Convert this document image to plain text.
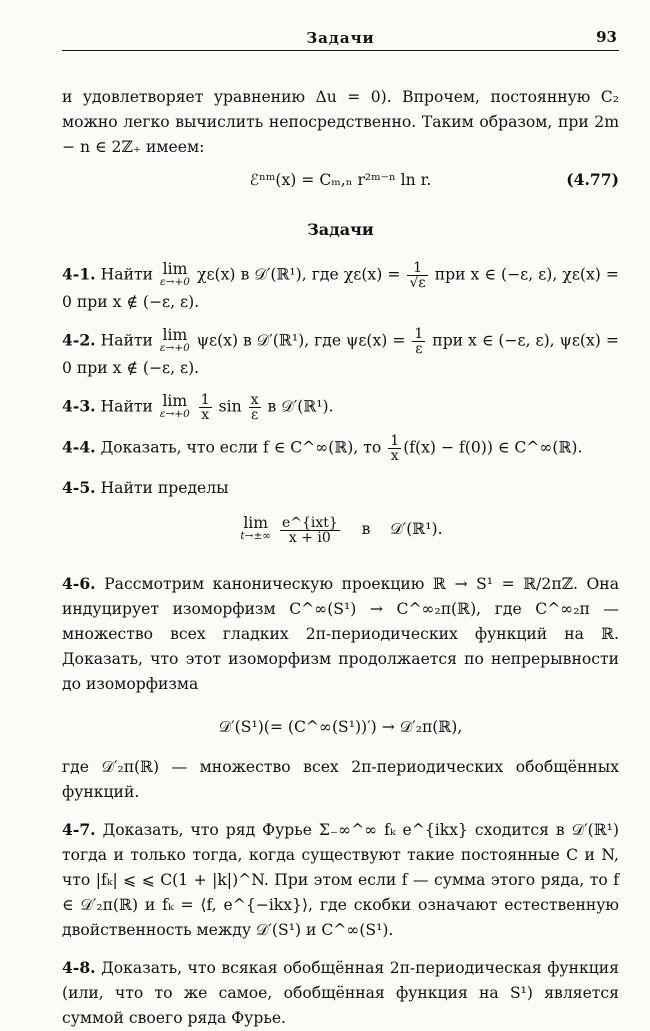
Задачи	93

и удовлетворяет уравнению Δu = 0). Впрочем, постоянную C₂ можно легко вычислить непосредственно. Таким образом, при 2m − n ∈ 2ℤ₊ имеем:

ℰⁿᵐ(x) = Cₘ,ₙ r²ᵐ⁻ⁿ ln r.	(4.77)
Задачи

4-1. Найти lim
ε→+0 χε(x) в 𝒟′(ℝ¹), где $\chi\varepsilon(x) = \frac{1}{√\varepsilon}$ при x ∈ (−ε, ε), χε(x) = 0 при x ∉ (−ε, ε).

4-2. Найти lim
ε→+0 ψε(x) в 𝒟′(ℝ¹), где $\psi\varepsilon(x) = \frac{1}{\varepsilon}$ при x ∈ (−ε, ε), ψε(x) = 0 при x ∉ (−ε, ε).

4-3. Найти lim
ε→+0
$\frac{1}{x}$ $\sin \frac{x}{\varepsilon}$ в 𝒟′(ℝ¹).

4-4. Доказать, что если f ∈ C^∞(ℝ), то $\frac{1}{x} (f(x) - f(0))$ ∈ C^∞(ℝ).

4-5. Найти пределы

lim
t→±∞
$\frac{\text{e\textasciicircum{}\{ixt\}}}{x + i0}$ в 𝒟′(ℝ¹).

4-6. Рассмотрим каноническую проекцию ℝ → S¹ = ℝ/2πℤ. Она индуцирует изоморфизм C^∞(S¹) → C^∞₂π(ℝ), где C^∞₂π — множество всех гладких 2π-периодических функций на ℝ. Доказать, что этот изоморфизм продолжается по непрерывности до изоморфизма

𝒟′(S¹)(= (C^∞(S¹))′) → 𝒟′₂π(ℝ),

где 𝒟′₂π(ℝ) — множество всех 2π-периодических обобщённых функций.

4-7. Доказать, что ряд Фурье Σ₋∞^∞ fₖ e^{ikx} сходится в 𝒟′(ℝ¹) тогда и только тогда, когда существуют такие постоянные C и N, что |fₖ| ⩽ ⩽ C(1 + |k|)^N. При этом если f — сумма этого ряда, то f ∈ 𝒟′₂π(ℝ) и fₖ = ⟨f, e^{−ikx}⟩, где скобки означают естественную двойственность между 𝒟′(S¹) и C^∞(S¹).

4-8. Доказать, что всякая обобщённая 2π-периодическая функция (или, что то же самое, обобщённая функция на S¹) является суммой своего ряда Фурье.
